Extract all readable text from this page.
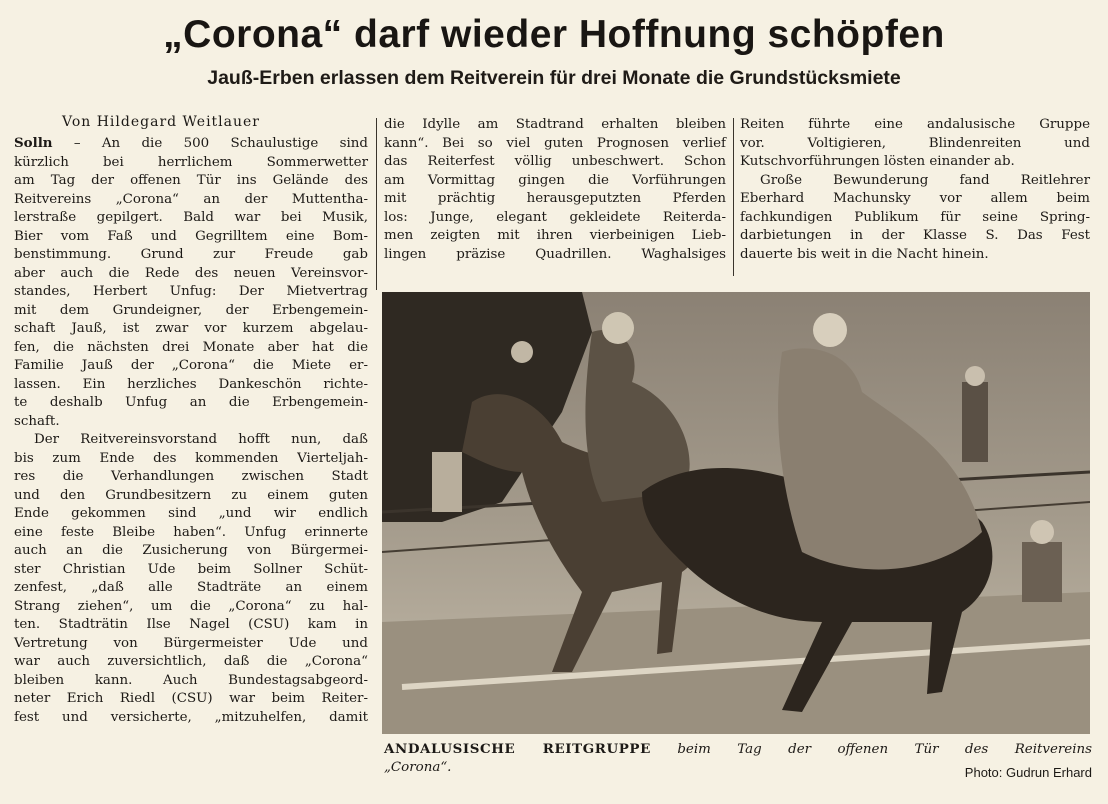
„Corona“ darf wieder Hoffnung schöpfen
Jauß-Erben erlassen dem Reitverein für drei Monate die Grundstücksmiete
Von Hildegard Weitlauer
Solln – An die 500 Schaulustige sind
kürzlich bei herrlichem Sommerwetter
am Tag der offenen Tür ins Gelände des
Reitvereins „Corona“ an der Muttentha-
lerstraße gepilgert. Bald war bei Musik,
Bier vom Faß und Gegrilltem eine Bom-
benstimmung. Grund zur Freude gab
aber auch die Rede des neuen Vereinsvor-
standes, Herbert Unfug: Der Mietvertrag
mit dem Grundeigner, der Erbengemein-
schaft Jauß, ist zwar vor kurzem abgelau-
fen, die nächsten drei Monate aber hat die
Familie Jauß der „Corona“ die Miete er-
lassen. Ein herzliches Dankeschön richte-
te deshalb Unfug an die Erbengemein-
schaft.
Der Reitvereinsvorstand hofft nun, daß
bis zum Ende des kommenden Vierteljah-
res die Verhandlungen zwischen Stadt
und den Grundbesitzern zu einem guten
Ende gekommen sind „und wir endlich
eine feste Bleibe haben“. Unfug erinnerte
auch an die Zusicherung von Bürgermei-
ster Christian Ude beim Sollner Schüt-
zenfest, „daß alle Stadträte an einem
Strang ziehen“, um die „Corona“ zu hal-
ten. Stadträtin Ilse Nagel (CSU) kam in
Vertretung von Bürgermeister Ude und
war auch zuversichtlich, daß die „Corona“
bleiben kann. Auch Bundestagsabgeord-
neter Erich Riedl (CSU) war beim Reiter-
fest und versicherte, „mitzuhelfen, damit
die Idylle am Stadtrand erhalten bleiben
kann“. Bei so viel guten Prognosen verlief
das Reiterfest völlig unbeschwert. Schon
am Vormittag gingen die Vorführungen
mit prächtig herausgeputzten Pferden
los: Junge, elegant gekleidete Reiterda-
men zeigten mit ihren vierbeinigen Lieb-
lingen präzise Quadrillen. Waghalsiges
Reiten führte eine andalusische Gruppe
vor. Voltigieren, Blindenreiten und
Kutschvorführungen lösten einander ab.
Große Bewunderung fand Reitlehrer
Eberhard Machunsky vor allem beim
fachkundigen Publikum für seine Spring-
darbietungen in der Klasse S. Das Fest
dauerte bis weit in die Nacht hinein.
ANDALUSISCHE REITGRUPPE beim Tag der offenen Tür des Reitvereins
„Corona“.	Photo: Gudrun Erhard
